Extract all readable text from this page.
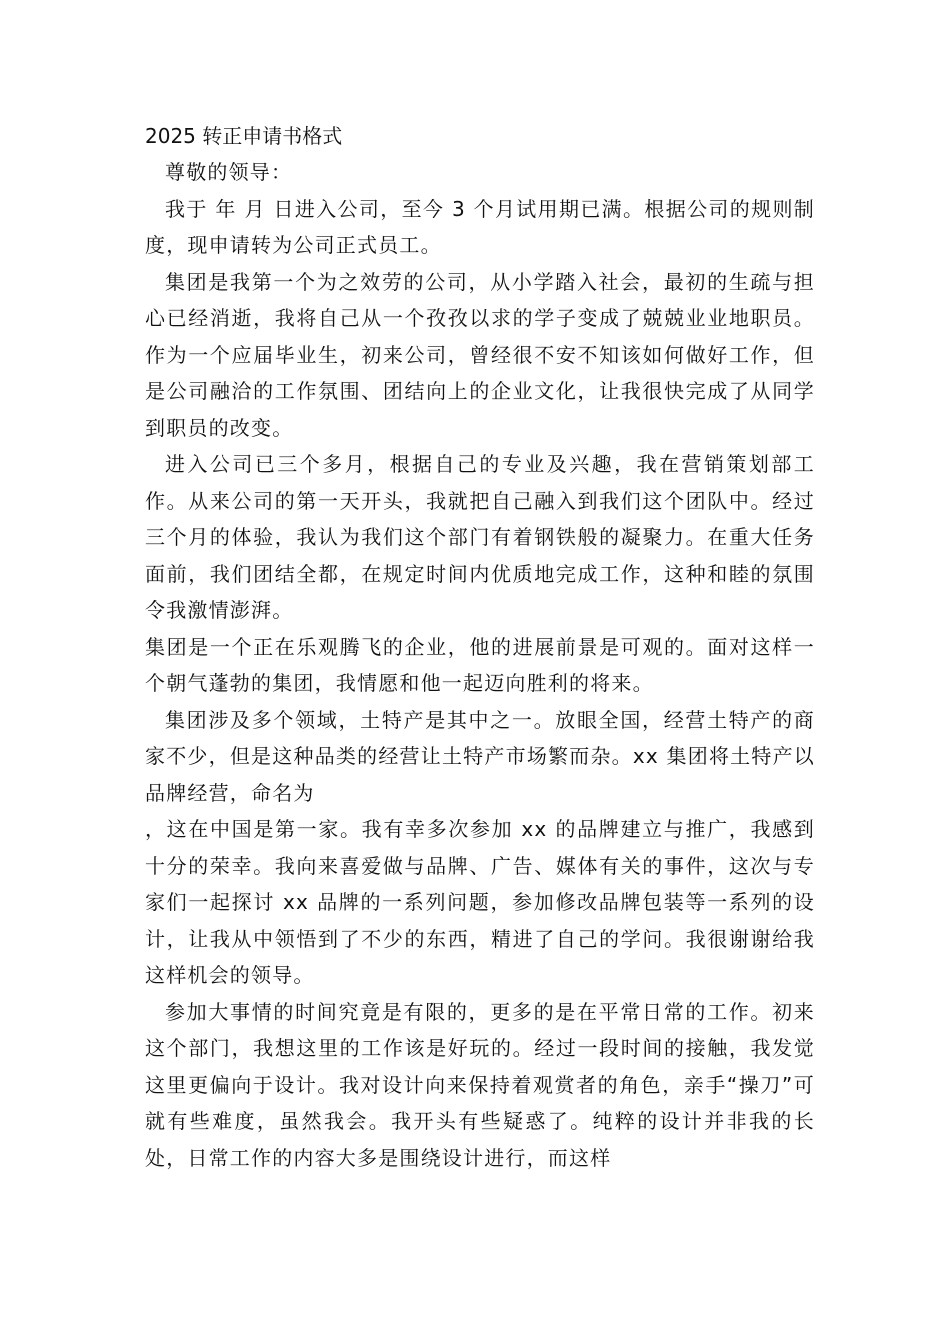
2025 转正申请书格式

尊敬的领导：

我于 年 月 日进入公司，至今 3 个月试用期已满。根据公司的规则制度，现申请转为公司正式员工。

集团是我第一个为之效劳的公司，从小学踏入社会，最初的生疏与担心已经消逝，我将自己从一个孜孜以求的学子变成了兢兢业业地职员。作为一个应届毕业生，初来公司，曾经很不安不知该如何做好工作，但是公司融洽的工作氛围、团结向上的企业文化，让我很快完成了从同学到职员的改变。

进入公司已三个多月，根据自己的专业及兴趣，我在营销策划部工作。从来公司的第一天开头，我就把自己融入到我们这个团队中。经过三个月的体验，我认为我们这个部门有着钢铁般的凝聚力。在重大任务面前，我们团结全都，在规定时间内优质地完成工作，这种和睦的氛围令我激情澎湃。

集团是一个正在乐观腾飞的企业，他的进展前景是可观的。面对这样一个朝气蓬勃的集团，我情愿和他一起迈向胜利的将来。

集团涉及多个领域，土特产是其中之一。放眼全国，经营土特产的商家不少，但是这种品类的经营让土特产市场繁而杂。xx 集团将土特产以品牌经营，命名为

，这在中国是第一家。我有幸多次参加 xx 的品牌建立与推广，我感到十分的荣幸。我向来喜爱做与品牌、广告、媒体有关的事件，这次与专家们一起探讨 xx 品牌的一系列问题，参加修改品牌包装等一系列的设计，让我从中领悟到了不少的东西，精进了自己的学问。我很谢谢给我这样机会的领导。

参加大事情的时间究竟是有限的，更多的是在平常日常的工作。初来这个部门，我想这里的工作该是好玩的。经过一段时间的接触，我发觉这里更偏向于设计。我对设计向来保持着观赏者的角色，亲手“操刀”可就有些难度，虽然我会。我开头有些疑惑了。纯粹的设计并非我的长处，日常工作的内容大多是围绕设计进行，而这样
